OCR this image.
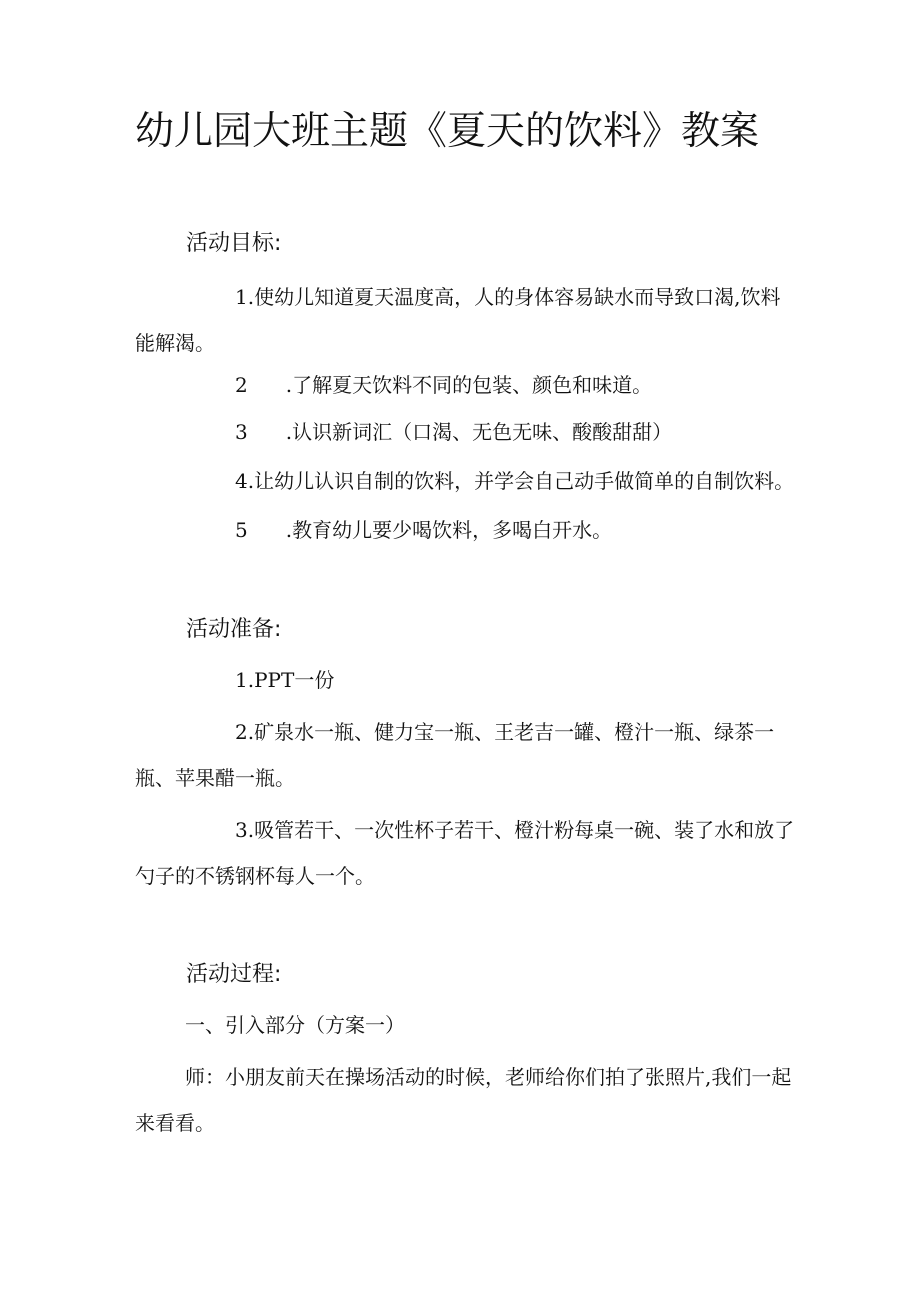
幼儿园大班主题《夏天的饮料》教案
活动目标:

1.使幼儿知道夏天温度高，人的身体容易缺水而导致口渴,饮料能解渴。

2 .了解夏天饮料不同的包装、颜色和味道。

3 .认识新词汇（口渴、无色无味、酸酸甜甜）

4.让幼儿认识自制的饮料，并学会自己动手做简单的自制饮料。

5 .教育幼儿要少喝饮料，多喝白开水。

活动准备:

1.PPT一份

2.矿泉水一瓶、健力宝一瓶、王老吉一罐、橙汁一瓶、绿茶一瓶、苹果醋一瓶。

3.吸管若干、一次性杯子若干、橙汁粉每桌一碗、装了水和放了勺子的不锈钢杯每人一个。

活动过程:

一、引入部分（方案一）

师：小朋友前天在操场活动的时候，老师给你们拍了张照片,我们一起来看看。
